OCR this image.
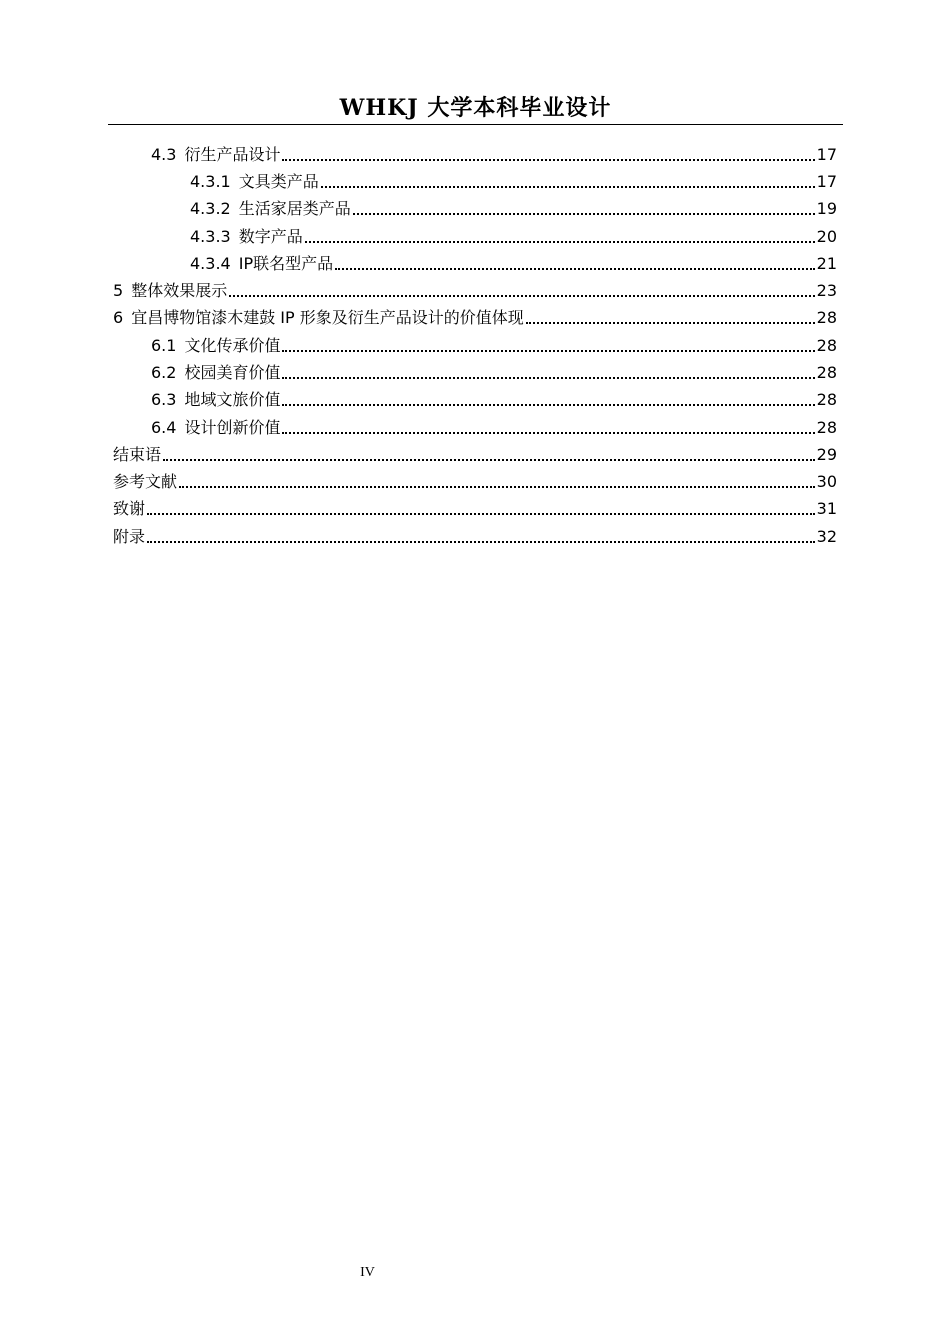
WHKJ 大学本科毕业设计
4.3 衍生产品设计	17
4.3.1 文具类产品	17
4.3.2 生活家居类产品	19
4.3.3 数字产品	20
4.3.4 IP联名型产品	21
5 整体效果展示	23
6 宜昌博物馆漆木建鼓 IP 形象及衍生产品设计的价值体现	28
6.1 文化传承价值	28
6.2 校园美育价值	28
6.3 地域文旅价值	28
6.4 设计创新价值	28
结束语	29
参考文献	30
致谢	31
附录	32
IV
